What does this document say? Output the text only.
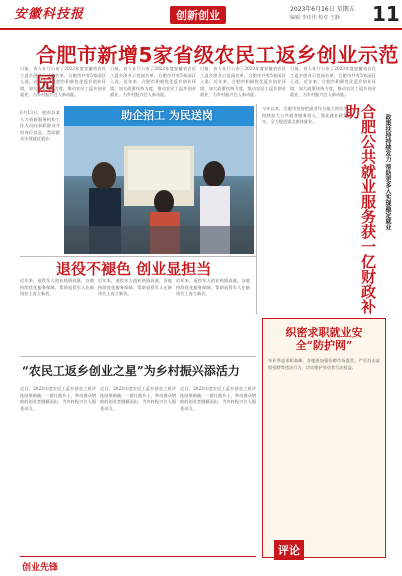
安徽科技报	创新创业	2023年6月16日 星期五
编辑 李佳伟 校对 王静 11
合肥市新增5家省级农民工返乡创业示范园
日前，省人社厅公布了2023年度安徽省农民工返乡创业示范园名单，合肥市共有5家园区入选。近年来，合肥市积极优化返乡创业环境，加大政策扶持力度，推动农民工返乡创业就业，为乡村振兴注入新动能。
日前，省人社厅公布了2023年度安徽省农民工返乡创业示范园名单，合肥市共有5家园区入选。近年来，合肥市积极优化返乡创业环境，加大政策扶持力度，推动农民工返乡创业就业，为乡村振兴注入新动能。
日前，省人社厅公布了2023年度安徽省农民工返乡创业示范园名单，合肥市共有5家园区入选。近年来，合肥市积极优化返乡创业环境，加大政策扶持力度，推动农民工返乡创业就业，为乡村振兴注入新动能。
日前，省人社厅公布了2023年度安徽省农民工返乡创业示范园名单，合肥市共有5家园区入选。近年来，合肥市积极优化返乡创业环境，加大政策扶持力度，推动农民工返乡创业就业，为乡村振兴注入新动能。
助企招工 为民送岗
6月13日，肥东县某人力资源服务机构工作人员向求职群众介绍岗位信息，帮助群众实现就近就业。
今年以来，合肥市坚持把就业作为最大的民生，持续加大公共就业服务投入，强化就业政策落实，全力促进重点群体就业。	合肥公共就业服务获一亿财政补助
政策扶持持续发力 帮助更多人实现稳定就业
退役不褪色 创业显担当
近年来，退役军人创业热情高涨，各地持续优化服务保障，帮助退役军人在新岗位上再立新功。
近年来，退役军人创业热情高涨，各地持续优化服务保障，帮助退役军人在新岗位上再立新功。
近年来，退役军人创业热情高涨，各地持续优化服务保障，帮助退役军人在新岗位上再立新功。
“农民工返乡创业之星”为乡村振兴添活力
近日，2023年度农民工返乡创业之星评选结果揭晓，一批扎根乡土、带动群众增收的创业者脱颖而出，为乡村振兴注入强劲动力。
近日，2023年度农民工返乡创业之星评选结果揭晓，一批扎根乡土、带动群众增收的创业者脱颖而出，为乡村振兴注入强劲动力。
近日，2023年度农民工返乡创业之星评选结果揭晓，一批扎根乡土、带动群众增收的创业者脱颖而出，为乡村振兴注入强劲动力。
织密求职就业安全“防护网”
毕业季是求职高峰，各地要加强招聘市场监管，严厉打击虚假招聘等违法行为，切实维护劳动者合法权益。
评论
创业先锋
